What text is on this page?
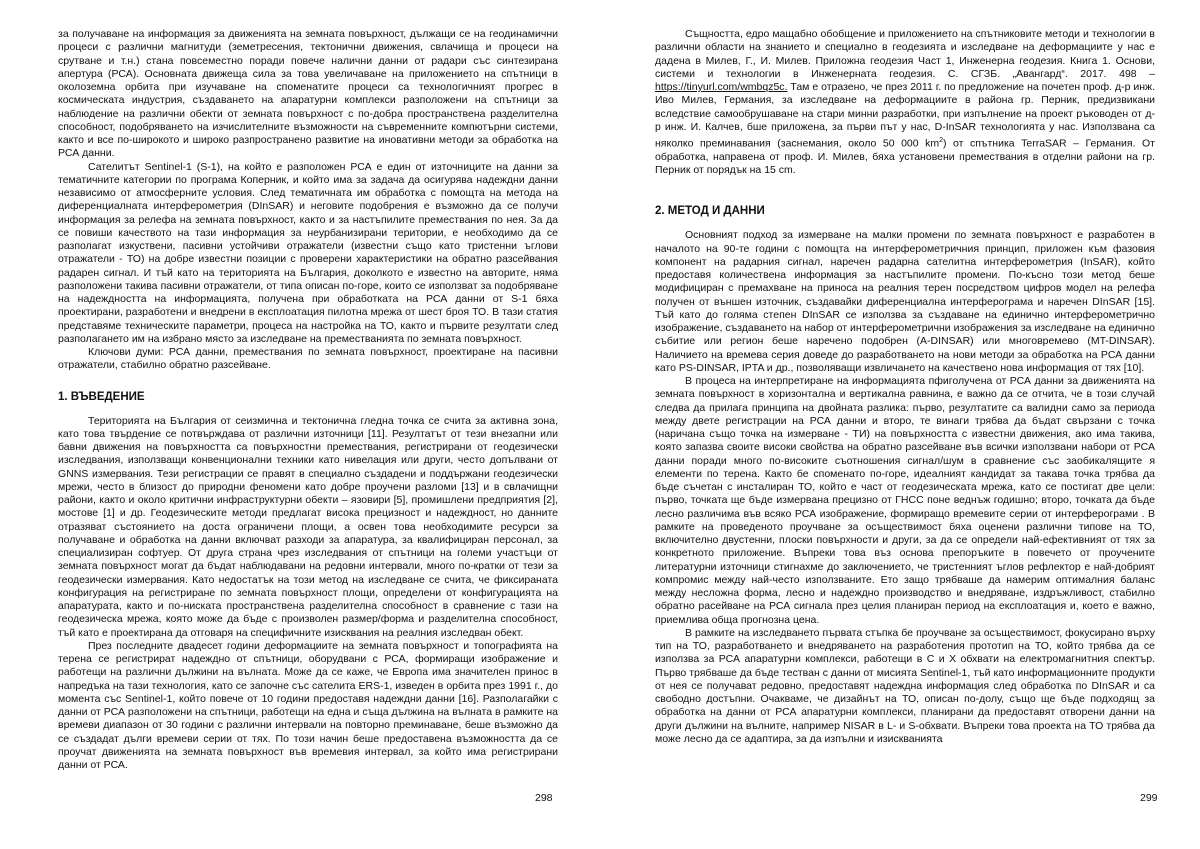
за получаване на информация за движенията на земната повърхност, дължащи се на геодинамични процеси с различни магнитуди (земетресения, тектонични движения, свлачища и процеси на срутване и т.н.) стана повсеместно поради повече налични данни от радари със синтезирана апертура (РСА). Основната движеща сила за това увеличаване на приложението на спътници в околоземна орбита при изучаване на споменатите процеси са технологичният прогрес в космическата индустрия, създаването на апаратурни комплекси разположени на спътници за наблюдение на различни обекти от земната повърхност с по-добра пространствена разделителна способност, подобряването на изчислителните възможности на съвременните компютърни системи, както и все по-широкото и широко разпространено развитие на иновативни методи за обработка на РСА данни.

Сателитът Sentinel-1 (S-1), на който е разположен РСА е един от източниците на данни за тематичните категории по програма Коперник, и който има за задача да осигурява надеждни данни независимо от атмосферните условия. След тематичната им обработка с помощта на метода на диференциалната интерферометрия (DInSAR) и неговите подобрения е възможно да се получи информация за релефа на земната повърхност, както и за настъпилите премествания по нея. За да се повиши качеството на тази информация за неурбанизирани територии, е необходимо да се разполагат изкуствени, пасивни устойчиви отражатели (известни също като тристенни ъглови отражатели - ТО) на добре известни позиции с проверени характеристики на обратно разсейвания радарен сигнал. И тъй като на територията на България, доколкото е известно на авторите, няма разположени такива пасивни отражатели, от типа описан по-горе, които се използват за подобряване на надеждността на информацията, получена при обработката на РСА данни от S-1 бяха проектирани, разработени и внедрени в експлоатация пилотна мрежа от шест броя ТО. В тази статия представяме техническите параметри, процеса на настройка на ТО, както и първите резултати след разполагането им на избрано място за изследване на преместванията по земната повърхност.

Ключови думи: РСА данни, премествания по земната повърхност, проектиране на пасивни отражатели, стабилно обратно разсейване.

1. ВЪВЕДЕНИЕ

Територията на България от сеизмична и тектонична гледна точка се счита за активна зона, като това твърдение се потвърждава от различни източници [11]. Резултатът от тези внезапни или бавни движения на повърхността са повърхностни премествания, регистрирани от геодезически изследвания, използващи конвенционални техники като нивелация или други, често допълвани от GNNS измервания. Тези регистрации се правят в специално създадени и поддържани геодезически мрежи, често в близост до природни феномени като добре проучени разломи [13] и в свлачищни райони, както и около критични инфраструктурни обекти – язовири [5], промишлени предприятия [2], мостове [1] и др. Геодезическите методи предлагат висока прецизност и надеждност, но данните отразяват състоянието на доста ограничени площи, а освен това необходимите ресурси за получаване и обработка на данни включват разходи за апаратура, за квалифициран персонал, за специализиран софтуер. От друга страна чрез изследвания от спътници на големи участъци от земната повърхност могат да бъдат наблюдавани на редовни интервали, много по-кратки от тези за геодезически измервания. Като недостатък на този метод на изследване се счита, че фиксираната конфигурация на регистриране по земната повърхност площи, определени от конфигурацията на апаратурата, както и по-ниската пространствена разделителна способност в сравнение с тази на геодезическа мрежа, която може да бъде с произволен размер/форма и разделителна способност, тъй като е проектирана да отговаря на специфичните изисквания на реалния изследван обект.

През последните двадесет години деформациите на земната повърхност и топографията на терена се регистрират надеждно от спътници, оборудвани с РСА, формиращи изображение и работещи на различни дължини на вълната. Може да се каже, че Европа има значителен принос в напредъка на тази технология, като се започне със сателита ERS-1, изведен в орбита през 1991 г., до момента със Sentinel-1, който повече от 10 години предоставя надеждни данни [16]. Разполагайки с данни от РСА разположени на спътници, работещи на една и съща дължина на вълната в рамките на времеви диапазон от 30 години с различни интервали на повторно преминаване, беше възможно да се създадат дълги времеви серии от тях. По този начин беше предоставена възможността да се проучат движенията на земната повърхност във времевия интервал, за който има регистрирани данни от РСА.

298

Същността, едро мащабно обобщение и приложението на спътниковите методи и технологии в различни области на знанието и специално в геодезията и изследване на деформациите у нас е дадена в Милев, Г., И. Милев. Приложна геодезия Част 1, Инженерна геодезия. Книга 1. Основи, системи и технологии в Инженерната геодезия. С. СГЗБ. „Авангард“. 2017. 498 – https://tinyurl.com/wmbqz5c. Там е отразено, че през 2011 г. по предложение на почетен проф. д-р инж. Иво Милев, Германия, за изследване на деформациите в района гр. Перник, предизвикани вследствие самообрушаване на стари минни разработки, при изпълнение на проект ръководен от д-р инж. И. Калчев, бше приложена, за първи път у нас, D-InSAR технологията у нас. Използвана са няколко преминавания (заснемания, около 50 000 $km^2$) от спътника TerraSAR – Германия. От обработка, направена от проф. И. Милев, бяха установени премествания в отделни райони на гр. Перник от порядък на 15 cm.

2. МЕТОД И ДАННИ

Основният подход за измерване на малки промени по земната повърхност е разработен в началото на 90-те години с помощта на интерферометричния принцип, приложен към фазовия компонент на радарния сигнал, наречен радарна сателитна интерферометрия (InSAR), който предоставя количествена информация за настъпилите промени. По-късно този метод беше модифициран с премахване на приноса на реалния терен посредством цифров модел на релефа получен от външен източник, създавайки диференциална интерферограма и наречен DInSAR [15]. Тъй като до голяма степен DInSAR се използва за създаване на единично интерферометрично изображение, създаването на набор от интерферометрични изображения за изследване на единично събитие или регион беше наречено подобрен (A-DINSAR) или многовремево (MT-DINSAR). Наличието на времева серия доведе до разработването на нови методи за обработка на РСА данни като PS-DINSAR, IPTA и др., позволяващи извличането на качествено нова информация от тях [10].

В процеса на интерпретиране на информацията пфиголучена от РСА данни за движенията на земната повърхност в хоризонтална и вертикална равнина, е важно да се отчита, че в този случай следва да прилага принципа на двойната разлика: първо, резултатите са валидни само за периода между двете регистрации на РСА данни и второ, те винаги трябва да бъдат свързани с точка (наричана също точка на измерване - ТИ) на повърхността с известни движения, ако има такива, която запазва своите високи свойства на обратно разсейване във всички използвани набори от РСА данни поради много по-високите съотношения сигнал/шум в сравнение със заобикалящите я елементи по терена. Както бе споменато по-горе, идеалният кандидат за такава точка трябва да бъде съчетан с инсталиран ТО, който е част от геодезическата мрежа, като се постигат две цели: първо, точката ще бъде измервана прецизно от ГНСС поне веднъж годишно; второ, точката да бъде лесно различима във всяко РСА изображение, формиращо времевите серии от интерферограми . В рамките на проведеното проучване за осъществимост бяха оценени различни типове на ТО, включително двустенни, плоски повърхности и други, за да се определи най-ефективният от тях за конкретното приложение. Въпреки това въз основа препоръките в повечето от проучените литературни източници стигнахме до заключението, че тристенният ъглов рефлектор е най-добрият компромис между най-често използваните. Ето защо трябваше да намерим оптималния баланс между несложна форма, лесно и надеждно производство и внедряване, издръжливост, стабилно обратно расейване на РСА сигнала през целия планиран период на експлоатация и, което е важно, приемлива обща прогнозна цена.

В рамките на изследването първата стъпка бе проучване за осъществимост, фокусирано върху тип на ТО, разработването и внедряването на разработения прототип на ТО, който трябва да се използва за РСА апаратурни комплекси, работещи в С и Х обхвати на електромагнитния спектър. Първо трябваше да бъде тестван с данни от мисията Sentinel-1, тъй като информационните продукти от нея се получават редовно, предоставят надеждна информация след обработка по DInSAR и са свободно достъпни. Очакваме, че дизайнът на ТО, описан по-долу, също ще бъде подходящ за обработка на данни от РСА апаратурни комплекси, планирани да предоставят отворени данни на други дължини на вълните, например NISAR в L- и S-обхвати. Въпреки това проекта на ТО трябва да може лесно да се адаптира, за да изпълни и изискванията

299
